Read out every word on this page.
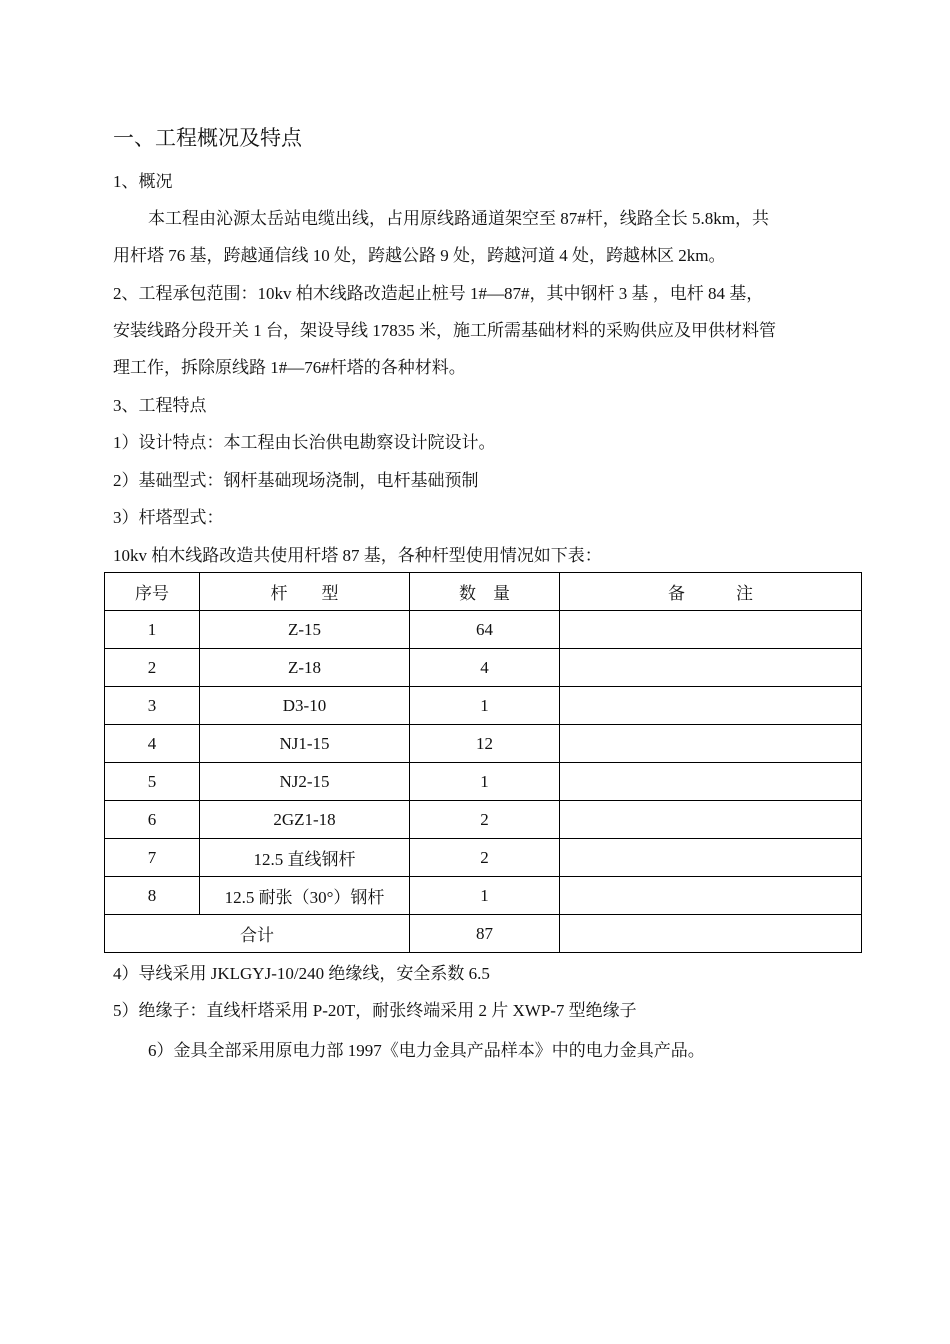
一、工程概况及特点
1、概况
本工程由沁源太岳站电缆出线，占用原线路通道架空至 87#杆，线路全长 5.8km，共
用杆塔 76 基，跨越通信线 10 处，跨越公路 9 处，跨越河道 4 处，跨越林区 2km。
2、工程承包范围：10kv 柏木线路改造起止桩号 1#—87#，其中钢杆 3 基 ，电杆 84 基，
安装线路分段开关 1 台，架设导线 17835 米，施工所需基础材料的采购供应及甲供材料管
理工作，拆除原线路 1#—76#杆塔的各种材料。
3、工程特点
1）设计特点：本工程由长治供电勘察设计院设计。
2）基础型式：钢杆基础现场浇制，电杆基础预制
3）杆塔型式：
10kv 柏木线路改造共使用杆塔 87 基，各种杆型使用情况如下表：
序号	杆　　型	数　量	备　　　注
1	Z-15	64	
2	Z-18	4	
3	D3-10	1	
4	NJ1-15	12	
5	NJ2-15	1	
6	2GZ1-18	2	
7	12.5 直线钢杆	2	
8	12.5 耐张（30°）钢杆	1	
合计		87	
4）导线采用 JKLGYJ-10/240 绝缘线，安全系数 6.5
5）绝缘子：直线杆塔采用 P-20T，耐张终端采用 2 片 XWP-7 型绝缘子
6）金具全部采用原电力部 1997《电力金具产品样本》中的电力金具产品。
